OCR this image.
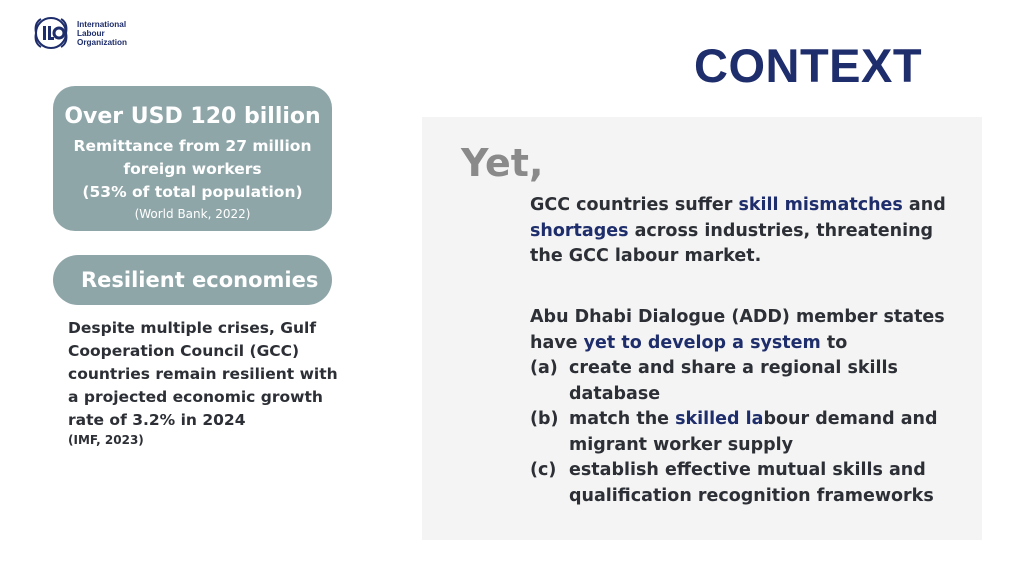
International
Labour
Organization	CONTEXT
Over USD 120 billion
Remittance from 27 million
foreign workers
(53% of total population)
(World Bank, 2022)
Resilient economies
Despite multiple crises, Gulf Cooperation Council (GCC) countries remain resilient with a projected economic growth rate of 3.2% in 2024
(IMF, 2023)
Yet,
GCC countries suffer skill mismatches and shortages across industries, threatening the GCC labour market.
Abu Dhabi Dialogue (ADD) member states have yet to develop a system to
(a) create and share a regional skills database
(b) match the skilled labour demand and migrant worker supply
(c) establish effective mutual skills and qualification recognition frameworks
